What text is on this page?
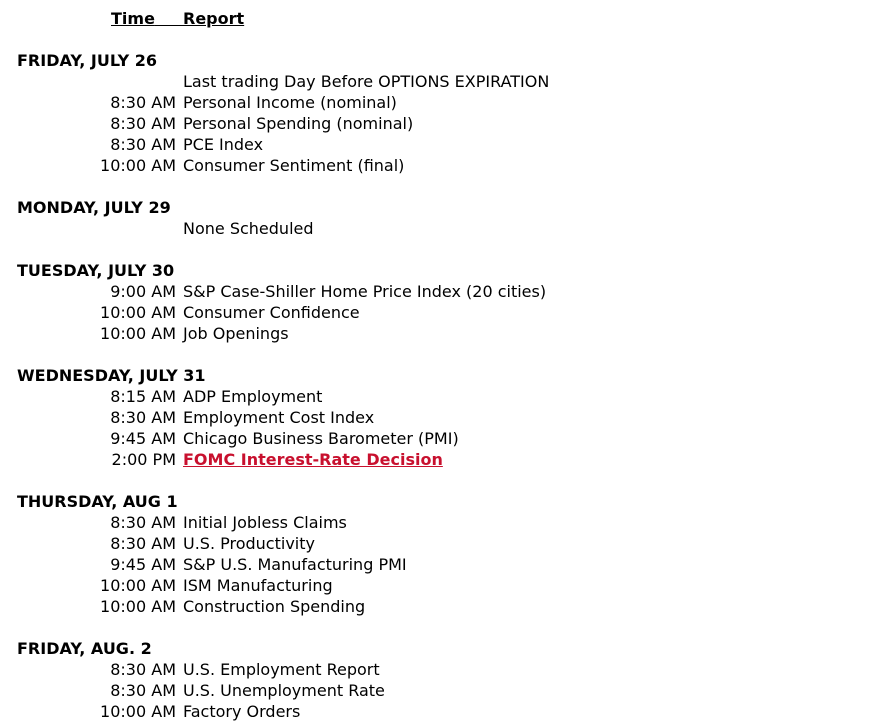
Time	Report
FRIDAY, JULY 26
Last trading Day Before OPTIONS EXPIRATION
8:30 AM Personal Income (nominal)
8:30 AM Personal Spending (nominal)
8:30 AM PCE Index
10:00 AM Consumer Sentiment (final)
MONDAY, JULY 29
None Scheduled
TUESDAY, JULY 30
9:00 AM S&P Case-Shiller Home Price Index (20 cities)
10:00 AM Consumer Confidence
10:00 AM Job Openings
WEDNESDAY, JULY 31
8:15 AM ADP Employment
8:30 AM Employment Cost Index
9:45 AM Chicago Business Barometer (PMI)
2:00 PM FOMC Interest-Rate Decision
THURSDAY, AUG 1
8:30 AM Initial Jobless Claims
8:30 AM U.S. Productivity
9:45 AM S&P U.S. Manufacturing PMI
10:00 AM ISM Manufacturing
10:00 AM Construction Spending
FRIDAY, AUG. 2
8:30 AM U.S. Employment Report
8:30 AM U.S. Unemployment Rate
10:00 AM Factory Orders
